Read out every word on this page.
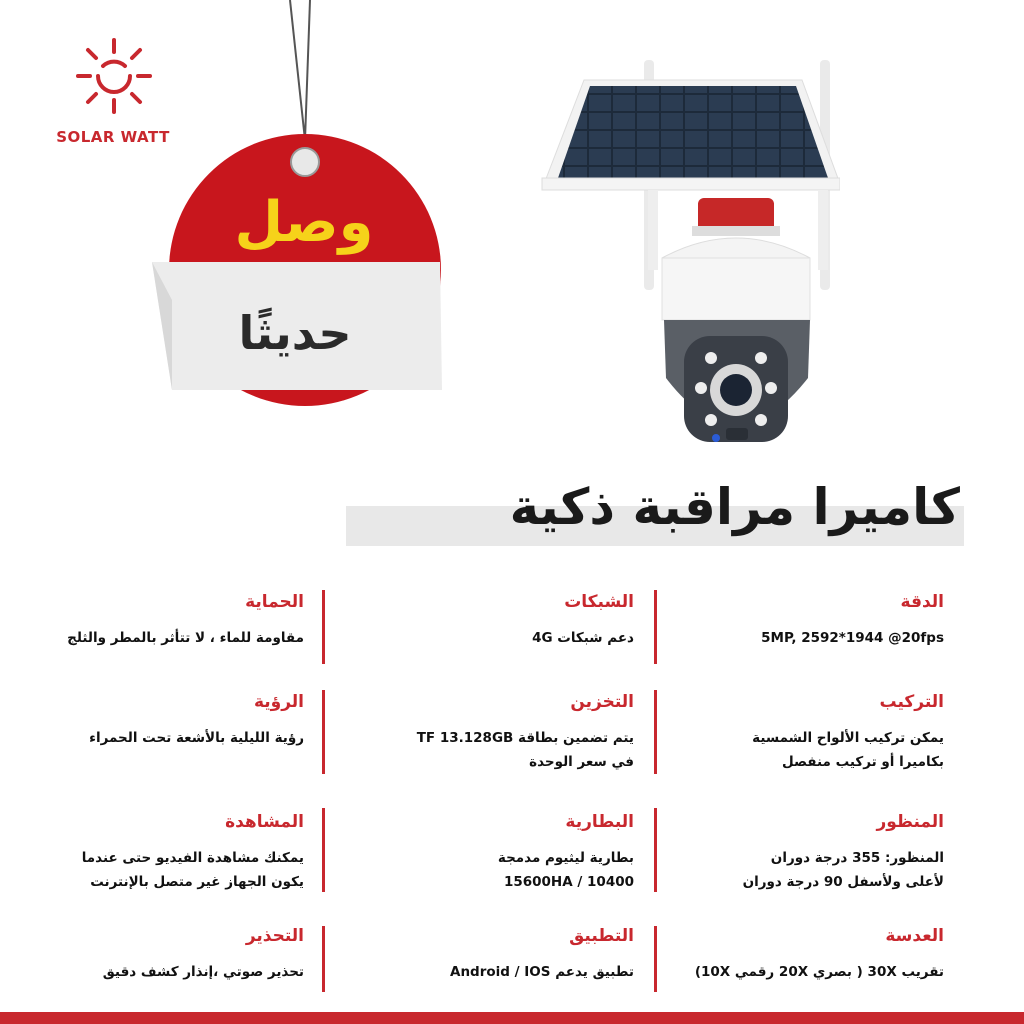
SOLAR WATT
وصل
حديثًا
كاميرا مراقبة ذكية
الدقة
5MP, 2592*1944 @20fps
التركيب
يمكن تركيب الألواح الشمسية
بكاميرا أو تركيب منفصل
المنظور
المنظور: 355 درجة دوران
لأعلى ولأسفل 90 درجة دوران
العدسة
تقريب 30X ( بصري 20X رقمي 10X)
الشبكات
دعم شبكات 4G
التخزين
يتم تضمين بطاقة TF 13.128GB
في سعر الوحدة
البطارية
بطارية ليثيوم مدمجة
10400 / 15600HA
التطبيق
تطبيق يدعم Android / IOS
الحماية
مقاومة للماء ، لا تتأثر بالمطر والثلج
الرؤية
رؤية الليلية بالأشعة تحت الحمراء
المشاهدة
يمكنك مشاهدة الفيديو حتى عندما
يكون الجهاز غير متصل بالإنترنت
التحذير
تحذير صوتي ،إنذار كشف دقيق
